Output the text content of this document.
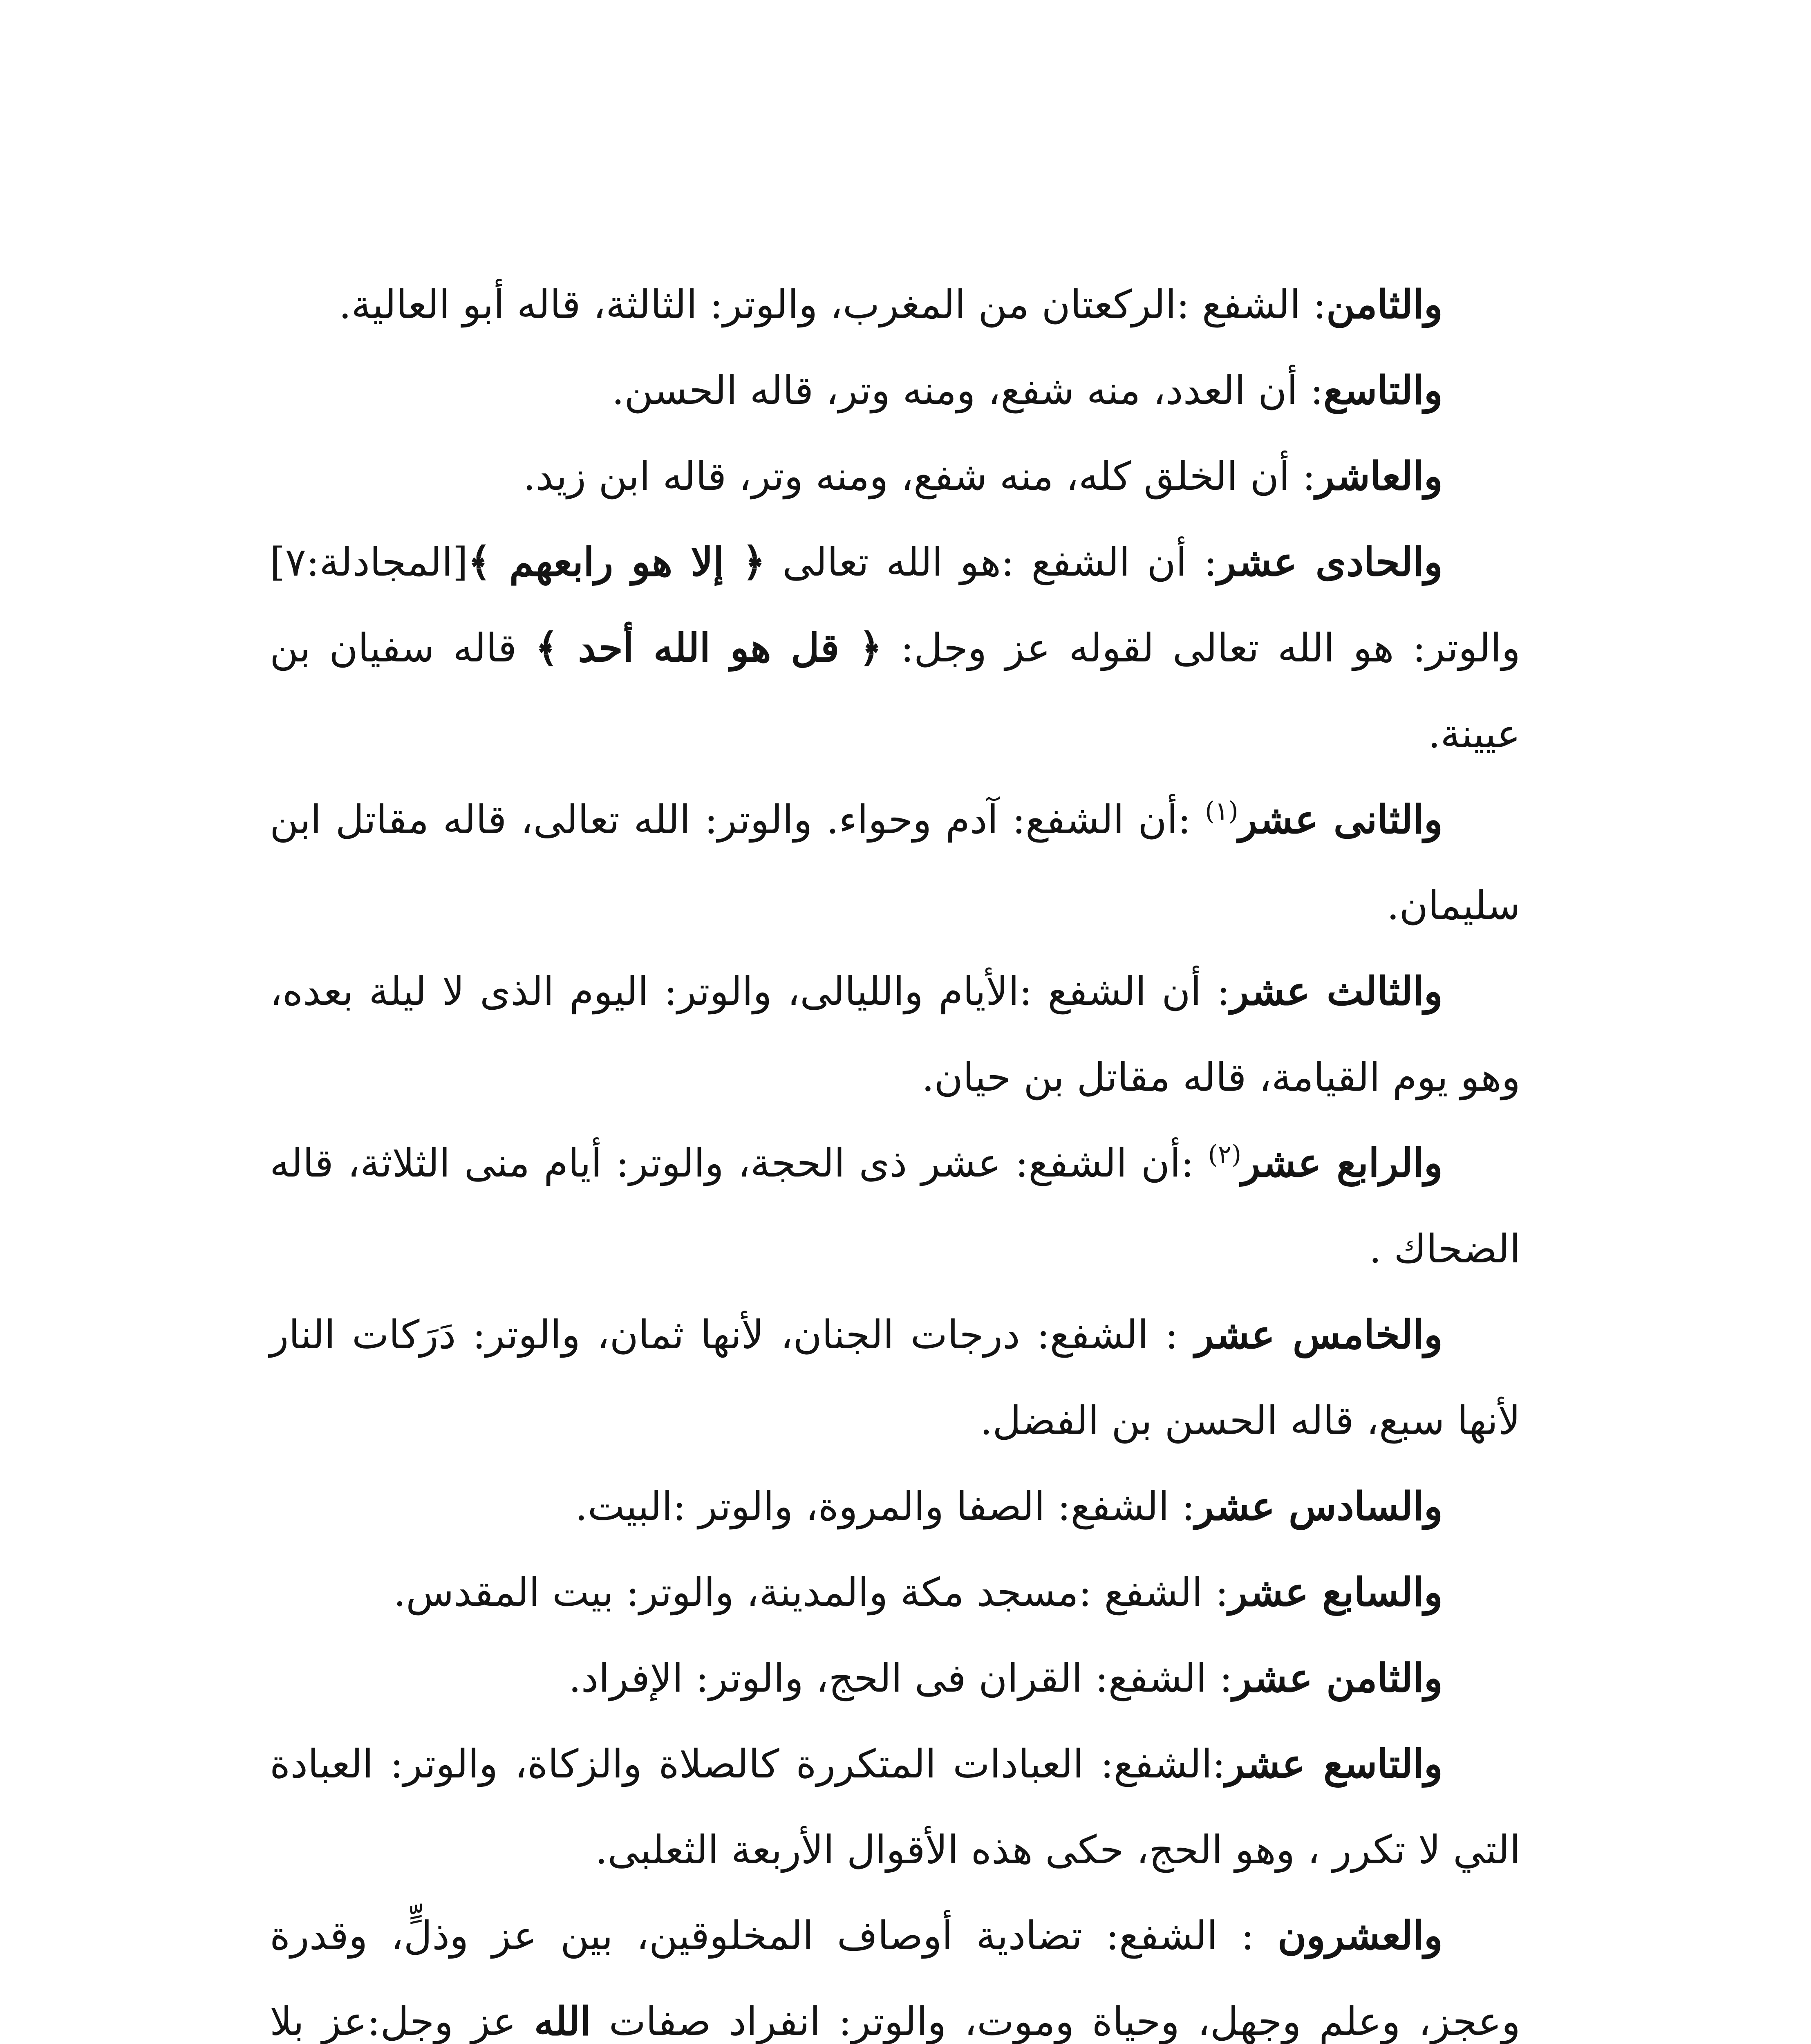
والثامن: الشفع :الركعتان من المغرب، والوتر: الثالثة، قاله أبو العالية.

والتاسع: أن العدد، منه شفع، ومنه وتر، قاله الحسن.

والعاشر: أن الخلق كله، منه شفع، ومنه وتر، قاله ابن زيد.

والحادى عشر: أن الشفع :هو الله تعالى ﴿ إلا هو رابعهم ﴾[المجادلة:٧] والوتر: هو الله تعالى لقوله عز وجل: ﴿ قل هو الله أحد ﴾ قاله سفيان بن عيينة.

والثانى عشر$^{(١)}$ :أن الشفع: آدم وحواء. والوتر: الله تعالى، قاله مقاتل ابن سليمان.

والثالث عشر: أن الشفع :الأيام والليالى، والوتر: اليوم الذى لا ليلة بعده، وهو يوم القيامة، قاله مقاتل بن حيان.

والرابع عشر$^{(٢)}$ :أن الشفع: عشر ذى الحجة، والوتر: أيام منى الثلاثة، قاله الضحاك .

والخامس عشر : الشفع: درجات الجنان، لأنها ثمان، والوتر: دَرَكات النار لأنها سبع، قاله الحسن بن الفضل.

والسادس عشر: الشفع: الصفا والمروة، والوتر :البيت.

والسابع عشر: الشفع :مسجد مكة والمدينة، والوتر: بيت المقدس.

والثامن عشر: الشفع: القران فى الحج، والوتر: الإفراد.

والتاسع عشر:الشفع: العبادات المتكررة كالصلاة والزكاة، والوتر: العبادة التي لا تكرر ، وهو الحج، حكى هذه الأقوال الأربعة الثعلبى.

والعشرون : الشفع: تضادية أوصاف المخلوقين، بين عز وذلٍّ، وقدرة وعجز، وعلم وجهل، وحياة وموت، والوتر: انفراد صفات الله عز وجل:عز بلا
